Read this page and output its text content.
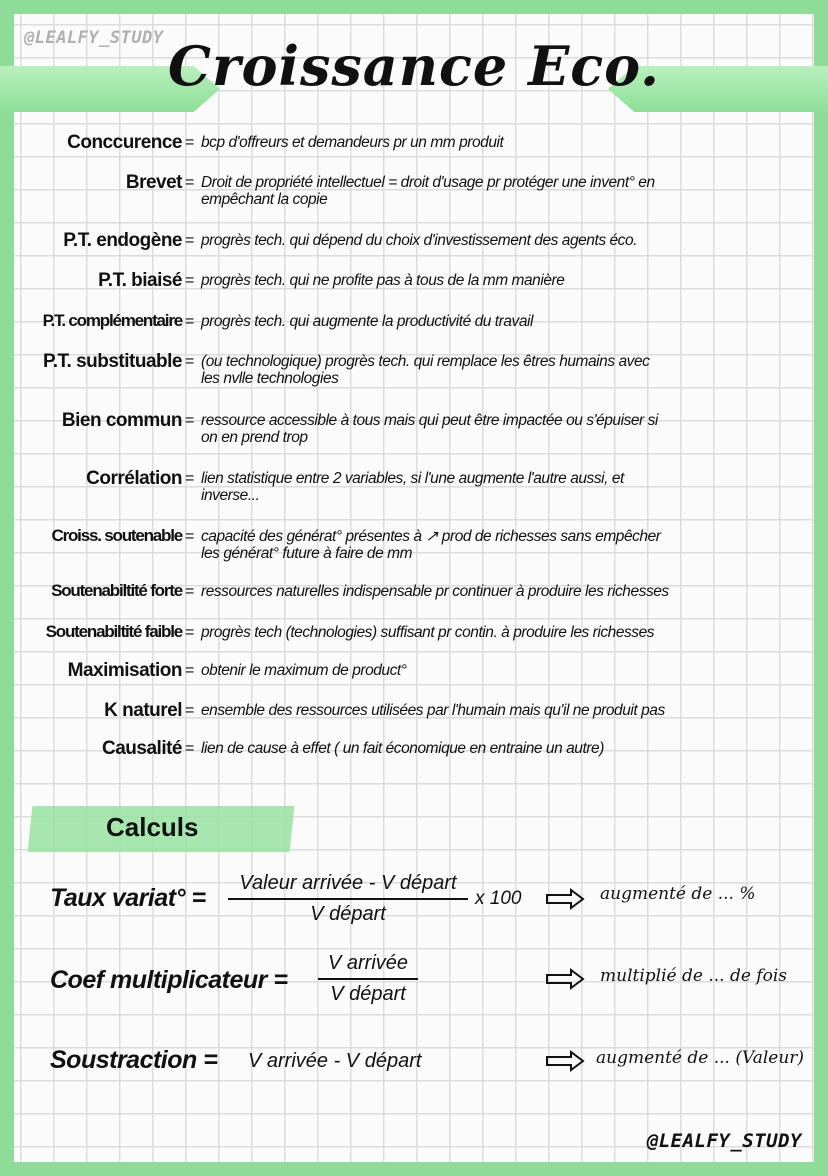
@LEALFY_STUDY Croissance Eco.
Conccurence = bcp d'offreurs et demandeurs pr un mm produit
Brevet = Droit de propriété intellectuel = droit d'usage pr protéger une invent° en
empêchant la copie
P.T. endogène = progrès tech. qui dépend du choix d'investissement des agents éco.
P.T. biaisé = progrès tech. qui ne profite pas à tous de la mm manière
P.T. complémentaire = progrès tech. qui augmente la productivité du travail
P.T. substituable = (ou technologique) progrès tech. qui remplace les êtres humains avec
les nvlle technologies
Bien commun = ressource accessible à tous mais qui peut être impactée ou s'épuiser si
on en prend trop
Corrélation = lien statistique entre 2 variables, si l'une augmente l'autre aussi, et
inverse...
Croiss. soutenable = capacité des générat° présentes à ↗ prod de richesses sans empêcher
les générat° future à faire de mm
Soutenabiltité forte = ressources naturelles indispensable pr continuer à produire les richesses
Soutenabiltité faible = progrès tech (technologies) suffisant pr contin. à produire les richesses
Maximisation = obtenir le maximum de product°
K naturel = ensemble des ressources utilisées par l'humain mais qu'il ne produit pas
Causalité = lien de cause à effet ( un fait économique en entraine un autre)
Calculs
Taux variat° =
Valeur arrivée - V départ
V départ
x 100
Coef multiplicateur =
V arrivée
V départ
Soustraction = V arrivée - V départ
augmenté de ... %
multiplié de ... de fois
augmenté de ... (Valeur)
@LEALFY_STUDY
